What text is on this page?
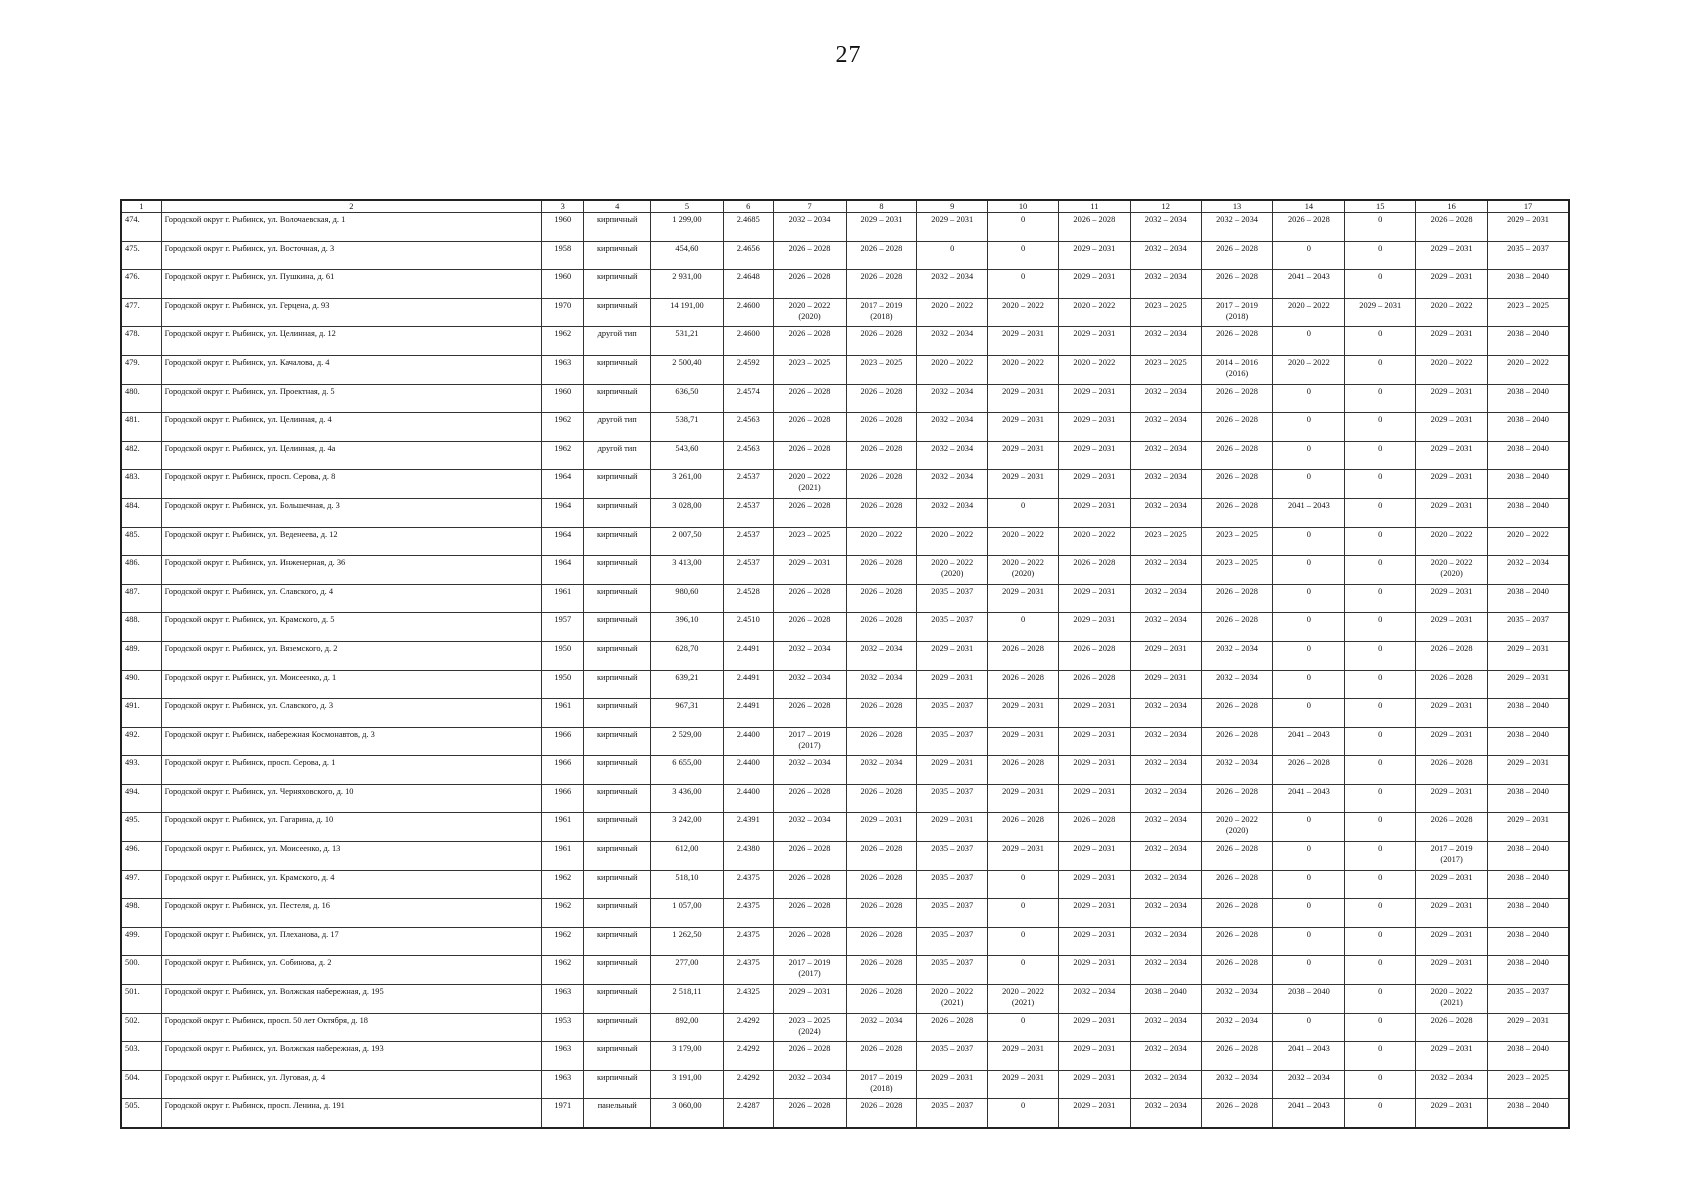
27
1	2	3	4	5	6	7	8	9	10	11	12	13	14	15	16	17

474.	Городской округ г. Рыбинск, ул. Волочаевская, д. 1	1960	кирпичный	1 299,00	2.4685	2032 – 2034	2029 – 2031	2029 – 2031	0	2026 – 2028	2032 – 2034	2032 – 2034	2026 – 2028	0	2026 – 2028	2029 – 2031

475.	Городской округ г. Рыбинск, ул. Восточная, д. 3	1958	кирпичный	454,60	2.4656	2026 – 2028	2026 – 2028	0	0	2029 – 2031	2032 – 2034	2026 – 2028	0	0	2029 – 2031	2035 – 2037

476.	Городской округ г. Рыбинск, ул. Пушкина, д. 61	1960	кирпичный	2 931,00	2.4648	2026 – 2028	2026 – 2028	2032 – 2034	0	2029 – 2031	2032 – 2034	2026 – 2028	2041 – 2043	0	2029 – 2031	2038 – 2040

477.	Городской округ г. Рыбинск, ул. Герцена, д. 93	1970	кирпичный	14 191,00	2.4600	2020 – 2022
(2020)	2017 – 2019
(2018)	2020 – 2022	2020 – 2022	2020 – 2022	2023 – 2025	2017 – 2019
(2018)	2020 – 2022	2029 – 2031	2020 – 2022	2023 – 2025

478.	Городской округ г. Рыбинск, ул. Целинная, д. 12	1962	другой тип	531,21	2.4600	2026 – 2028	2026 – 2028	2032 – 2034	2029 – 2031	2029 – 2031	2032 – 2034	2026 – 2028	0	0	2029 – 2031	2038 – 2040

479.	Городской округ г. Рыбинск, ул. Качалова, д. 4	1963	кирпичный	2 500,40	2.4592	2023 – 2025	2023 – 2025	2020 – 2022	2020 – 2022	2020 – 2022	2023 – 2025	2014 – 2016
(2016)	2020 – 2022	0	2020 – 2022	2020 – 2022

480.	Городской округ г. Рыбинск, ул. Проектная, д. 5	1960	кирпичный	636,50	2.4574	2026 – 2028	2026 – 2028	2032 – 2034	2029 – 2031	2029 – 2031	2032 – 2034	2026 – 2028	0	0	2029 – 2031	2038 – 2040

481.	Городской округ г. Рыбинск, ул. Целинная, д. 4	1962	другой тип	538,71	2.4563	2026 – 2028	2026 – 2028	2032 – 2034	2029 – 2031	2029 – 2031	2032 – 2034	2026 – 2028	0	0	2029 – 2031	2038 – 2040

482.	Городской округ г. Рыбинск, ул. Целинная, д. 4а	1962	другой тип	543,60	2.4563	2026 – 2028	2026 – 2028	2032 – 2034	2029 – 2031	2029 – 2031	2032 – 2034	2026 – 2028	0	0	2029 – 2031	2038 – 2040

483.	Городской округ г. Рыбинск, просп. Серова, д. 8	1964	кирпичный	3 261,00	2.4537	2020 – 2022
(2021)	2026 – 2028	2032 – 2034	2029 – 2031	2029 – 2031	2032 – 2034	2026 – 2028	0	0	2029 – 2031	2038 – 2040

484.	Городской округ г. Рыбинск, ул. Большечная, д. 3	1964	кирпичный	3 028,00	2.4537	2026 – 2028	2026 – 2028	2032 – 2034	0	2029 – 2031	2032 – 2034	2026 – 2028	2041 – 2043	0	2029 – 2031	2038 – 2040

485.	Городской округ г. Рыбинск, ул. Веденеева, д. 12	1964	кирпичный	2 007,50	2.4537	2023 – 2025	2020 – 2022	2020 – 2022	2020 – 2022	2020 – 2022	2023 – 2025	2023 – 2025	0	0	2020 – 2022	2020 – 2022

486.	Городской округ г. Рыбинск, ул. Инженерная, д. 36	1964	кирпичный	3 413,00	2.4537	2029 – 2031	2026 – 2028	2020 – 2022
(2020)	2020 – 2022
(2020)	2026 – 2028	2032 – 2034	2023 – 2025	0	0	2020 – 2022
(2020)	2032 – 2034

487.	Городской округ г. Рыбинск, ул. Славского, д. 4	1961	кирпичный	980,60	2.4528	2026 – 2028	2026 – 2028	2035 – 2037	2029 – 2031	2029 – 2031	2032 – 2034	2026 – 2028	0	0	2029 – 2031	2038 – 2040

488.	Городской округ г. Рыбинск, ул. Крамского, д. 5	1957	кирпичный	396,10	2.4510	2026 – 2028	2026 – 2028	2035 – 2037	0	2029 – 2031	2032 – 2034	2026 – 2028	0	0	2029 – 2031	2035 – 2037

489.	Городской округ г. Рыбинск, ул. Вяземского, д. 2	1950	кирпичный	628,70	2.4491	2032 – 2034	2032 – 2034	2029 – 2031	2026 – 2028	2026 – 2028	2029 – 2031	2032 – 2034	0	0	2026 – 2028	2029 – 2031

490.	Городской округ г. Рыбинск, ул. Моисеенко, д. 1	1950	кирпичный	639,21	2.4491	2032 – 2034	2032 – 2034	2029 – 2031	2026 – 2028	2026 – 2028	2029 – 2031	2032 – 2034	0	0	2026 – 2028	2029 – 2031

491.	Городской округ г. Рыбинск, ул. Славского, д. 3	1961	кирпичный	967,31	2.4491	2026 – 2028	2026 – 2028	2035 – 2037	2029 – 2031	2029 – 2031	2032 – 2034	2026 – 2028	0	0	2029 – 2031	2038 – 2040

492.	Городской округ г. Рыбинск, набережная Космонавтов, д. 3	1966	кирпичный	2 529,00	2.4400	2017 – 2019
(2017)	2026 – 2028	2035 – 2037	2029 – 2031	2029 – 2031	2032 – 2034	2026 – 2028	2041 – 2043	0	2029 – 2031	2038 – 2040

493.	Городской округ г. Рыбинск, просп. Серова, д. 1	1966	кирпичный	6 655,00	2.4400	2032 – 2034	2032 – 2034	2029 – 2031	2026 – 2028	2029 – 2031	2032 – 2034	2032 – 2034	2026 – 2028	0	2026 – 2028	2029 – 2031

494.	Городской округ г. Рыбинск, ул. Черняховского, д. 10	1966	кирпичный	3 436,00	2.4400	2026 – 2028	2026 – 2028	2035 – 2037	2029 – 2031	2029 – 2031	2032 – 2034	2026 – 2028	2041 – 2043	0	2029 – 2031	2038 – 2040

495.	Городской округ г. Рыбинск, ул. Гагарина, д. 10	1961	кирпичный	3 242,00	2.4391	2032 – 2034	2029 – 2031	2029 – 2031	2026 – 2028	2026 – 2028	2032 – 2034	2020 – 2022
(2020)	0	0	2026 – 2028	2029 – 2031

496.	Городской округ г. Рыбинск, ул. Моисеенко, д. 13	1961	кирпичный	612,00	2.4380	2026 – 2028	2026 – 2028	2035 – 2037	2029 – 2031	2029 – 2031	2032 – 2034	2026 – 2028	0	0	2017 – 2019
(2017)	2038 – 2040

497.	Городской округ г. Рыбинск, ул. Крамского, д. 4	1962	кирпичный	518,10	2.4375	2026 – 2028	2026 – 2028	2035 – 2037	0	2029 – 2031	2032 – 2034	2026 – 2028	0	0	2029 – 2031	2038 – 2040

498.	Городской округ г. Рыбинск, ул. Пестеля, д. 16	1962	кирпичный	1 057,00	2.4375	2026 – 2028	2026 – 2028	2035 – 2037	0	2029 – 2031	2032 – 2034	2026 – 2028	0	0	2029 – 2031	2038 – 2040

499.	Городской округ г. Рыбинск, ул. Плеханова, д. 17	1962	кирпичный	1 262,50	2.4375	2026 – 2028	2026 – 2028	2035 – 2037	0	2029 – 2031	2032 – 2034	2026 – 2028	0	0	2029 – 2031	2038 – 2040

500.	Городской округ г. Рыбинск, ул. Собинова, д. 2	1962	кирпичный	277,00	2.4375	2017 – 2019
(2017)	2026 – 2028	2035 – 2037	0	2029 – 2031	2032 – 2034	2026 – 2028	0	0	2029 – 2031	2038 – 2040

501.	Городской округ г. Рыбинск, ул. Волжская набережная, д. 195	1963	кирпичный	2 518,11	2.4325	2029 – 2031	2026 – 2028	2020 – 2022
(2021)	2020 – 2022
(2021)	2032 – 2034	2038 – 2040	2032 – 2034	2038 – 2040	0	2020 – 2022
(2021)	2035 – 2037

502.	Городской округ г. Рыбинск, просп. 50 лет Октября, д. 18	1953	кирпичный	892,00	2.4292	2023 – 2025
(2024)	2032 – 2034	2026 – 2028	0	2029 – 2031	2032 – 2034	2032 – 2034	0	0	2026 – 2028	2029 – 2031

503.	Городской округ г. Рыбинск, ул. Волжская набережная, д. 193	1963	кирпичный	3 179,00	2.4292	2026 – 2028	2026 – 2028	2035 – 2037	2029 – 2031	2029 – 2031	2032 – 2034	2026 – 2028	2041 – 2043	0	2029 – 2031	2038 – 2040

504.	Городской округ г. Рыбинск, ул. Луговая, д. 4	1963	кирпичный	3 191,00	2.4292	2032 – 2034	2017 – 2019
(2018)	2029 – 2031	2029 – 2031	2029 – 2031	2032 – 2034	2032 – 2034	2032 – 2034	0	2032 – 2034	2023 – 2025

505.	Городской округ г. Рыбинск, просп. Ленина, д. 191	1971	панельный	3 060,00	2.4287	2026 – 2028	2026 – 2028	2035 – 2037	0	2029 – 2031	2032 – 2034	2026 – 2028	2041 – 2043	0	2029 – 2031	2038 – 2040
